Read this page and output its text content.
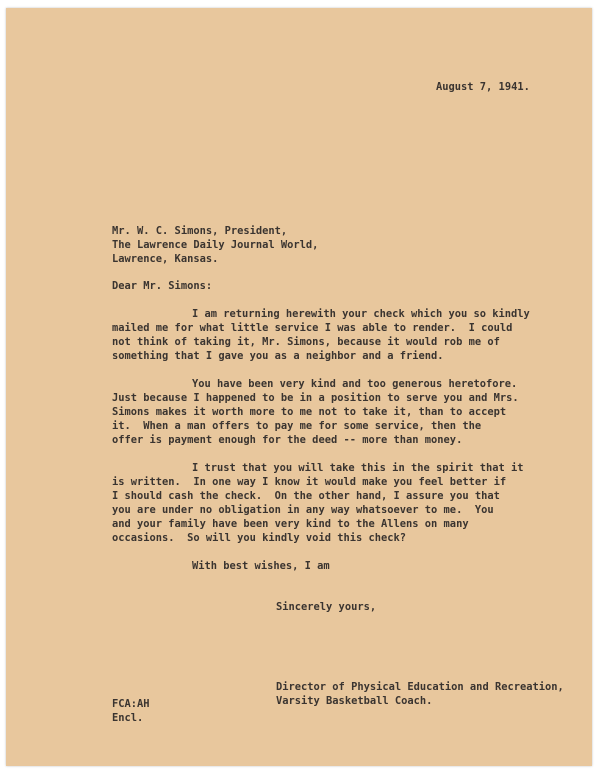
August 7, 1941.
Mr. W. C. Simons, President,
The Lawrence Daily Journal World,
Lawrence, Kansas.
Dear Mr. Simons:
I am returning herewith your check which you so kindly
mailed me for what little service I was able to render.  I could
not think of taking it, Mr. Simons, because it would rob me of
something that I gave you as a neighbor and a friend.
You have been very kind and too generous heretofore.
Just because I happened to be in a position to serve you and Mrs.
Simons makes it worth more to me not to take it, than to accept
it.  When a man offers to pay me for some service, then the
offer is payment enough for the deed -- more than money.
I trust that you will take this in the spirit that it
is written.  In one way I know it would make you feel better if
I should cash the check.  On the other hand, I assure you that
you are under no obligation in any way whatsoever to me.  You
and your family have been very kind to the Allens on many
occasions.  So will you kindly void this check?
With best wishes, I am
Sincerely yours,
Director of Physical Education and Recreation,
Varsity Basketball Coach.
FCA:AH
Encl.
